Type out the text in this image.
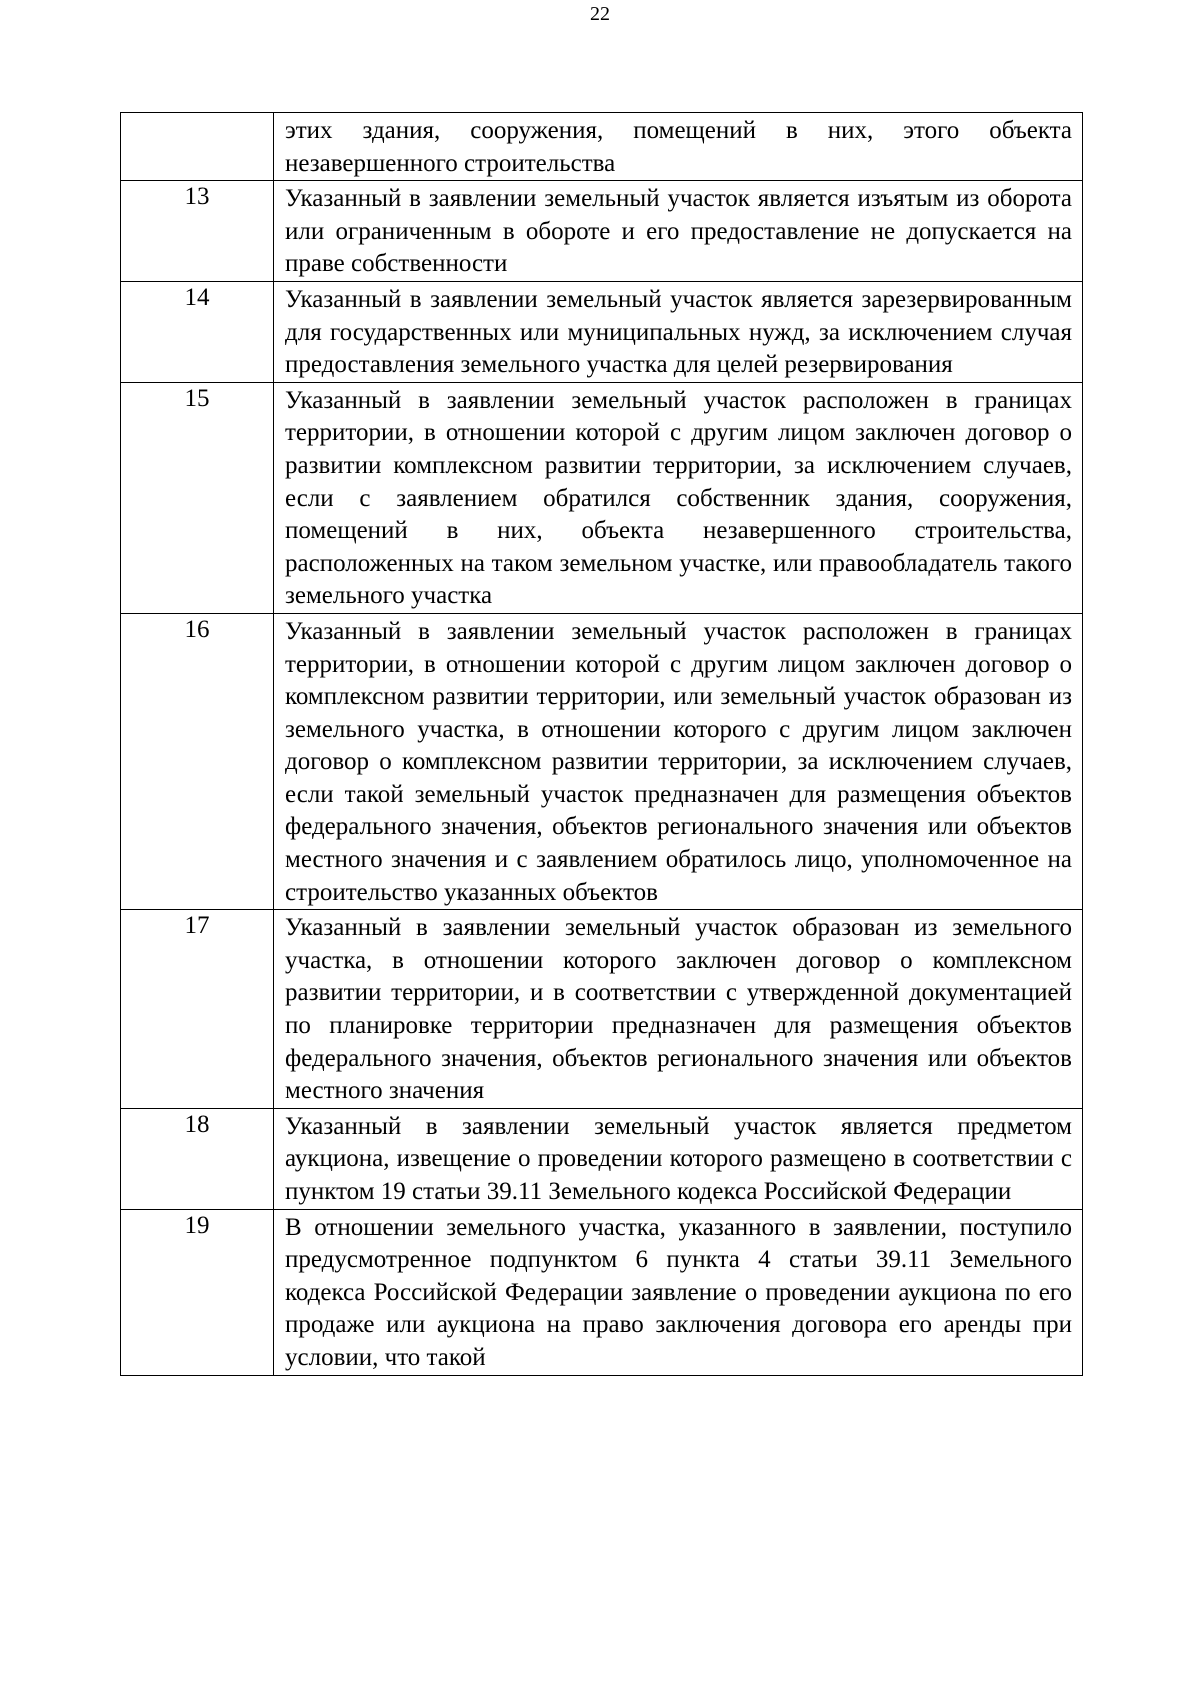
22
	этих здания, сооружения, помещений в них, этого объекта незавершенного строительства
13	Указанный в заявлении земельный участок является изъятым из оборота или ограниченным в обороте и его предоставление не допускается на праве собственности
14	Указанный в заявлении земельный участок является зарезервированным для государственных или муниципальных нужд, за исключением случая предоставления земельного участка для целей резервирования
15	Указанный в заявлении земельный участок расположен в границах территории, в отношении которой с другим лицом заключен договор о развитии комплексном развитии территории, за исключением случаев, если с заявлением обратился собственник здания, сооружения, помещений в них, объекта незавершенного строительства, расположенных на таком земельном участке, или правообладатель такого земельного участка
16	Указанный в заявлении земельный участок расположен в границах территории, в отношении которой с другим лицом заключен договор о комплексном развитии территории, или земельный участок образован из земельного участка, в отношении которого с другим лицом заключен договор о комплексном развитии территории, за исключением случаев, если такой земельный участок предназначен для размещения объектов федерального значения, объектов регионального значения или объектов местного значения и с заявлением обратилось лицо, уполномоченное на строительство указанных объектов
17	Указанный в заявлении земельный участок образован из земельного участка, в отношении которого заключен договор о комплексном развитии территории, и в соответствии с утвержденной документацией по планировке территории предназначен для размещения объектов федерального значения, объектов регионального значения или объектов местного значения
18	Указанный в заявлении земельный участок является предметом аукциона, извещение о проведении которого размещено в соответствии с пунктом 19 статьи 39.11 Земельного кодекса Российской Федерации
19	В отношении земельного участка, указанного в заявлении, поступило предусмотренное подпунктом 6 пункта 4 статьи 39.11 Земельного кодекса Российской Федерации заявление о проведении аукциона по его продаже или аукциона на право заключения договора его аренды при условии, что такой
